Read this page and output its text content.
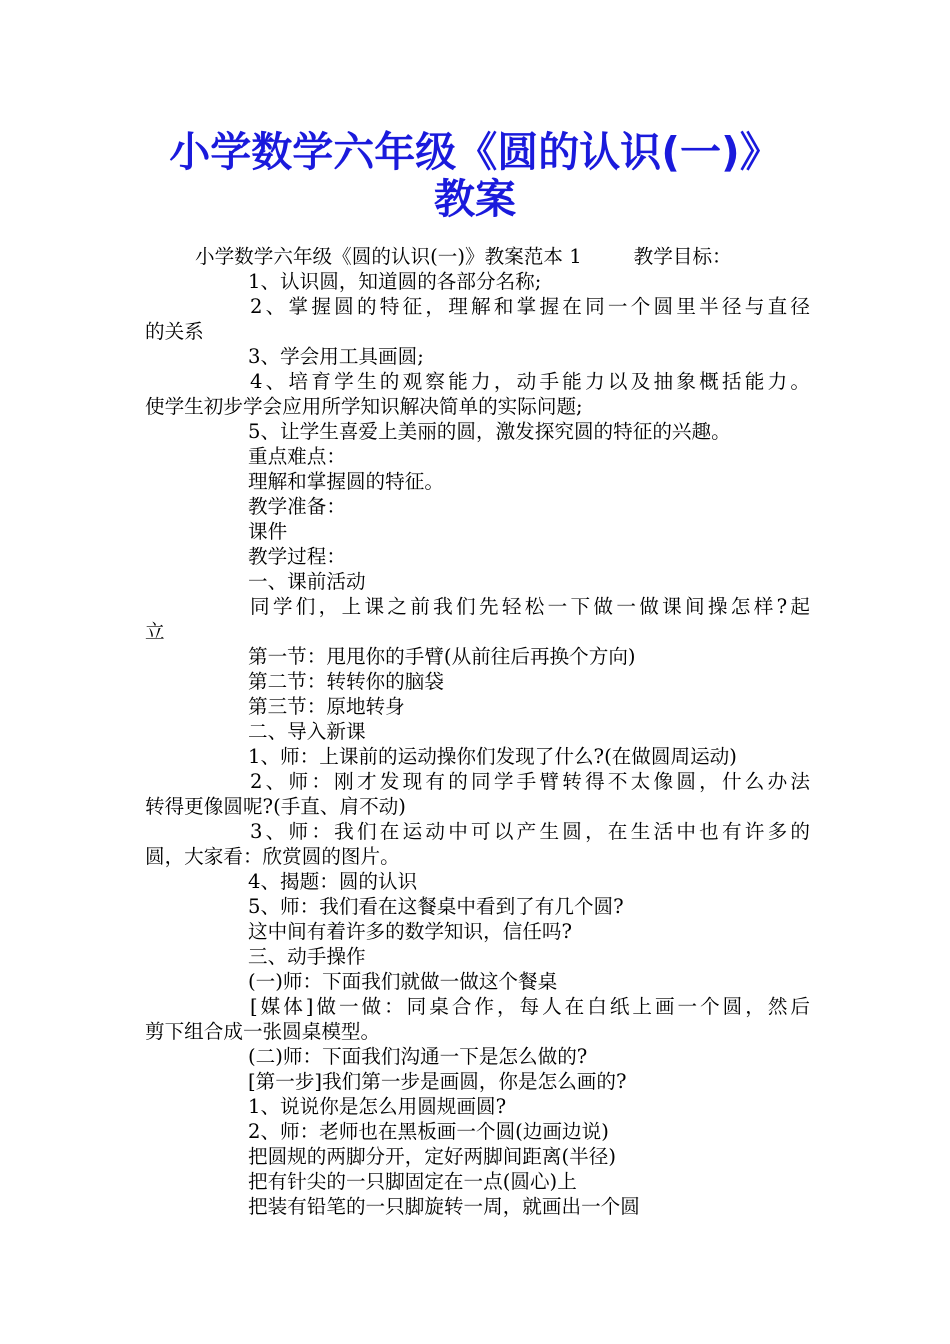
小学数学六年级《圆的认识(一)》
教案
小学数学六年级《圆的认识(一)》教案范本 1	教学目标：
1、认识圆，知道圆的各部分名称;
2、掌握圆的特征，理解和掌握在同一个圆里半径与直径
的关系
3、学会用工具画圆;
4、培育学生的观察能力，动手能力以及抽象概括能力。
使学生初步学会应用所学知识解决简单的实际问题;
5、让学生喜爱上美丽的圆，激发探究圆的特征的兴趣。
重点难点：
理解和掌握圆的特征。
教学准备：
课件
教学过程：
一、课前活动
同学们，上课之前我们先轻松一下做一做课间操怎样?起
立
第一节：甩甩你的手臂(从前往后再换个方向)
第二节：转转你的脑袋
第三节：原地转身
二、导入新课
1、师：上课前的运动操你们发现了什么?(在做圆周运动)
2、师：刚才发现有的同学手臂转得不太像圆，什么办法
转得更像圆呢?(手直、肩不动)
3、师：我们在运动中可以产生圆，在生活中也有许多的
圆，大家看：欣赏圆的图片。
4、揭题：圆的认识
5、师：我们看在这餐桌中看到了有几个圆?
这中间有着许多的数学知识，信任吗?
三、动手操作
(一)师：下面我们就做一做这个餐桌
[媒体]做一做：同桌合作，每人在白纸上画一个圆，然后
剪下组合成一张圆桌模型。
(二)师：下面我们沟通一下是怎么做的?
[第一步]我们第一步是画圆，你是怎么画的?
1、说说你是怎么用圆规画圆?
2、师：老师也在黑板画一个圆(边画边说)
把圆规的两脚分开，定好两脚间距离(半径)
把有针尖的一只脚固定在一点(圆心)上
把装有铅笔的一只脚旋转一周，就画出一个圆
